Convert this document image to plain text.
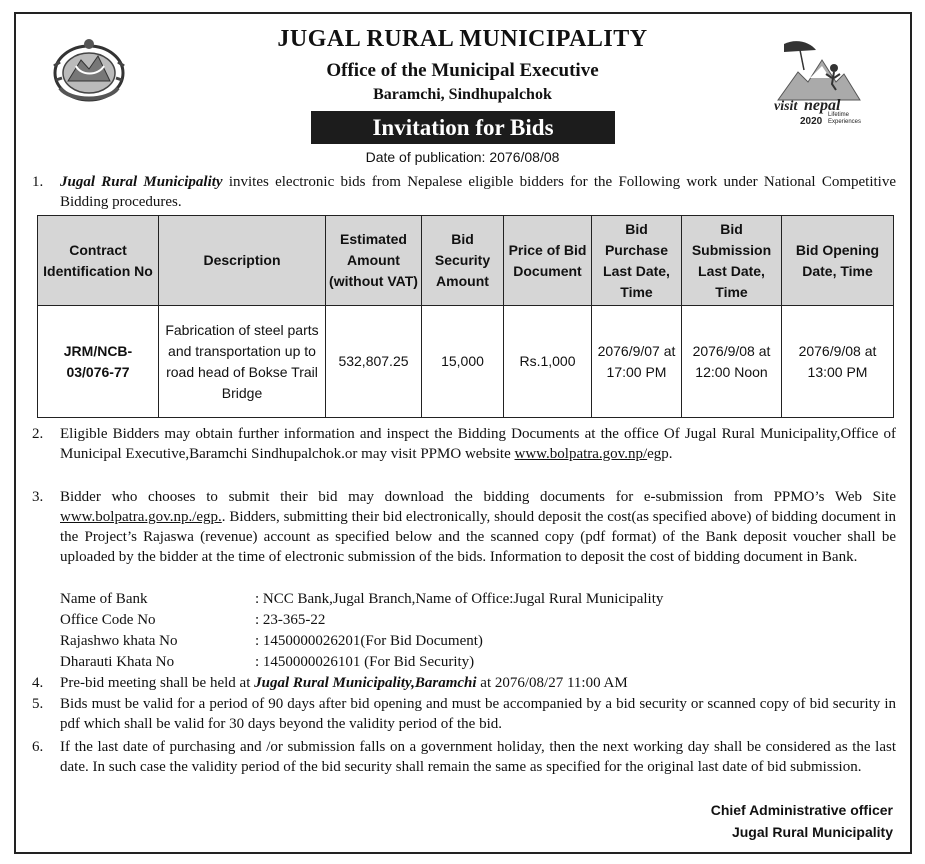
visit nepal
2020
Lifetime
Experiences
JUGAL RURAL MUNICIPALITY
Office of the Municipal Executive
Baramchi, Sindhupalchok
Invitation for Bids
Date of publication: 2076/08/08
1. Jugal Rural Municipality invites electronic bids from Nepalese eligible bidders for the Following work under National Competitive Bidding procedures.
Contract Identification No	Description	Estimated Amount (without VAT)	Bid Security Amount	Price of Bid Document	Bid Purchase Last Date, Time	Bid Submission Last Date, Time	Bid Opening Date, Time
JRM/NCB-03/076-77	Fabrication of steel parts and transportation up to road head of Bokse Trail Bridge	532,807.25	15,000	Rs.1,000	2076/9/07 at 17:00 PM	2076/9/08 at 12:00 Noon	2076/9/08 at 13:00 PM
2. Eligible Bidders may obtain further information and inspect the Bidding Documents at the office Of Jugal Rural Municipality,Office of Municipal Executive,Baramchi Sindhupalchok.or may visit PPMO website www.bolpatra.gov.np/egp.
3. Bidder who chooses to submit their bid may download the bidding documents for e-submission from PPMO’s Web Site www.bolpatra.gov.np./egp.. Bidders, submitting their bid electronically, should deposit the cost(as specified above) of bidding document in the Project’s Rajaswa (revenue) account as specified below and the scanned copy (pdf format) of the Bank deposit voucher shall be uploaded by the bidder at the time of electronic submission of the bids. Information to deposit the cost of bidding document in Bank.
Name of Bank	: NCC Bank,Jugal Branch,Name of Office:Jugal Rural Municipality
Office Code No	: 23-365-22
Rajashwo khata No	: 1450000026201(For Bid Document)
Dharauti Khata No	: 1450000026101 (For Bid Security)
4. Pre-bid meeting shall be held at Jugal Rural Municipality,Baramchi at 2076/08/27 11:00 AM
5. Bids must be valid for a period of 90 days after bid opening and must be accompanied by a bid security or scanned copy of bid security in pdf which shall be valid for 30 days beyond the validity period of the bid.
6. If the last date of purchasing and /or submission falls on a government holiday, then the next working day shall be considered as the last date. In such case the validity period of the bid security shall remain the same as specified for the original last date of bid submission.
Chief Administrative officer
Jugal Rural Municipality
